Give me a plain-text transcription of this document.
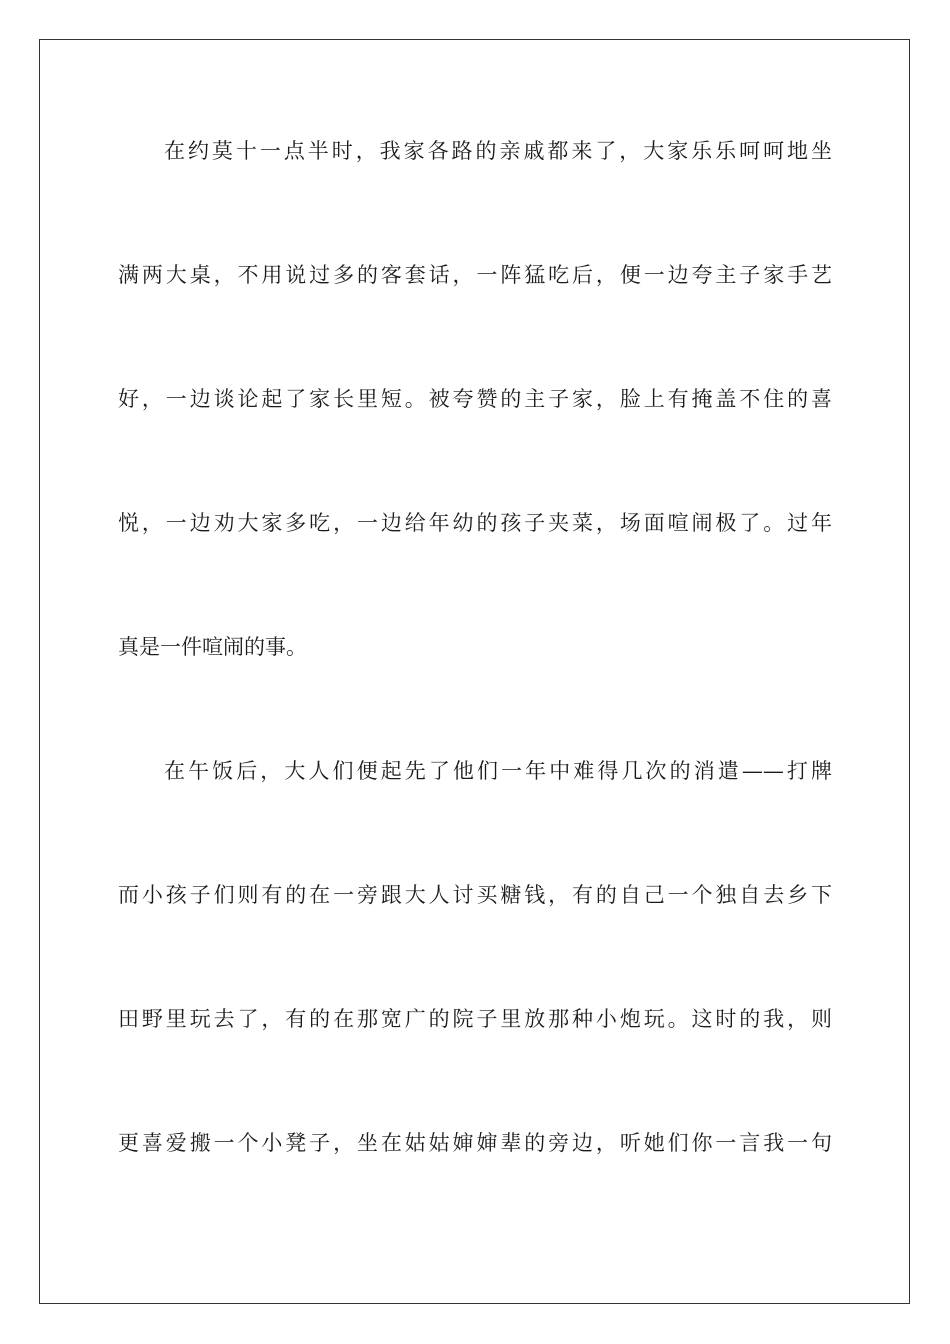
在约莫十一点半时，我家各路的亲戚都来了，大家乐乐呵呵地坐
满两大桌，不用说过多的客套话，一阵猛吃后，便一边夸主子家手艺
好，一边谈论起了家长里短。被夸赞的主子家，脸上有掩盖不住的喜
悦，一边劝大家多吃，一边给年幼的孩子夹菜，场面喧闹极了。过年
真是一件喧闹的事。
在午饭后，大人们便起先了他们一年中难得几次的消遣——打牌
而小孩子们则有的在一旁跟大人讨买糖钱，有的自己一个独自去乡下
田野里玩去了，有的在那宽广的院子里放那种小炮玩。这时的我，则
更喜爱搬一个小凳子，坐在姑姑婶婶辈的旁边，听她们你一言我一句
